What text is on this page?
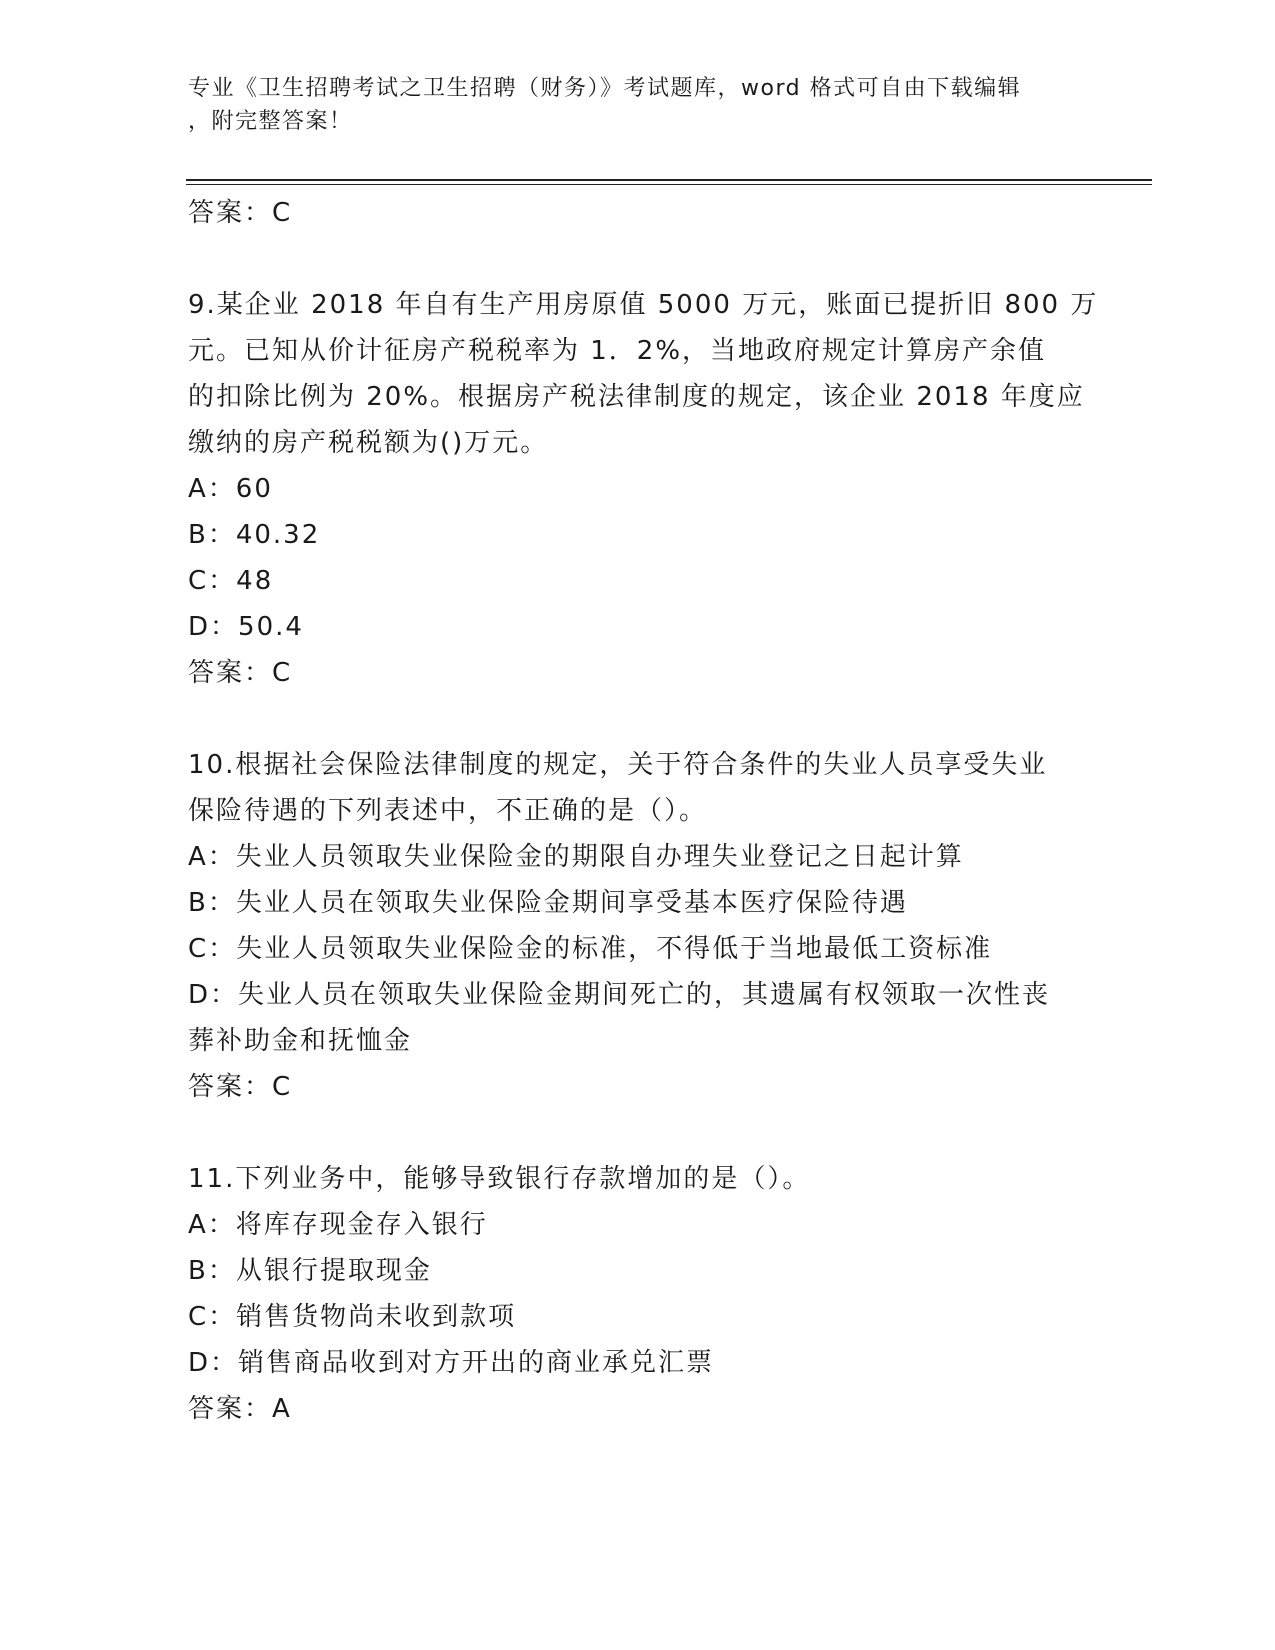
专业《卫生招聘考试之卫生招聘（财务）》考试题库，word 格式可自由下载编辑
，附完整答案！
答案：C
9.某企业 2018 年自有生产用房原值 5000 万元，账面已提折旧 800 万
元。已知从价计征房产税税率为 1．2%，当地政府规定计算房产余值
的扣除比例为 20%。根据房产税法律制度的规定，该企业 2018 年度应
缴纳的房产税税额为()万元。
A：60
B：40.32
C：48
D：50.4
答案：C
10.根据社会保险法律制度的规定，关于符合条件的失业人员享受失业
保险待遇的下列表述中，不正确的是（）。
A：失业人员领取失业保险金的期限自办理失业登记之日起计算
B：失业人员在领取失业保险金期间享受基本医疗保险待遇
C：失业人员领取失业保险金的标准，不得低于当地最低工资标准
D：失业人员在领取失业保险金期间死亡的，其遗属有权领取一次性丧
葬补助金和抚恤金
答案：C
11.下列业务中，能够导致银行存款增加的是（）。
A：将库存现金存入银行
B：从银行提取现金
C：销售货物尚未收到款项
D：销售商品收到对方开出的商业承兑汇票
答案：A
